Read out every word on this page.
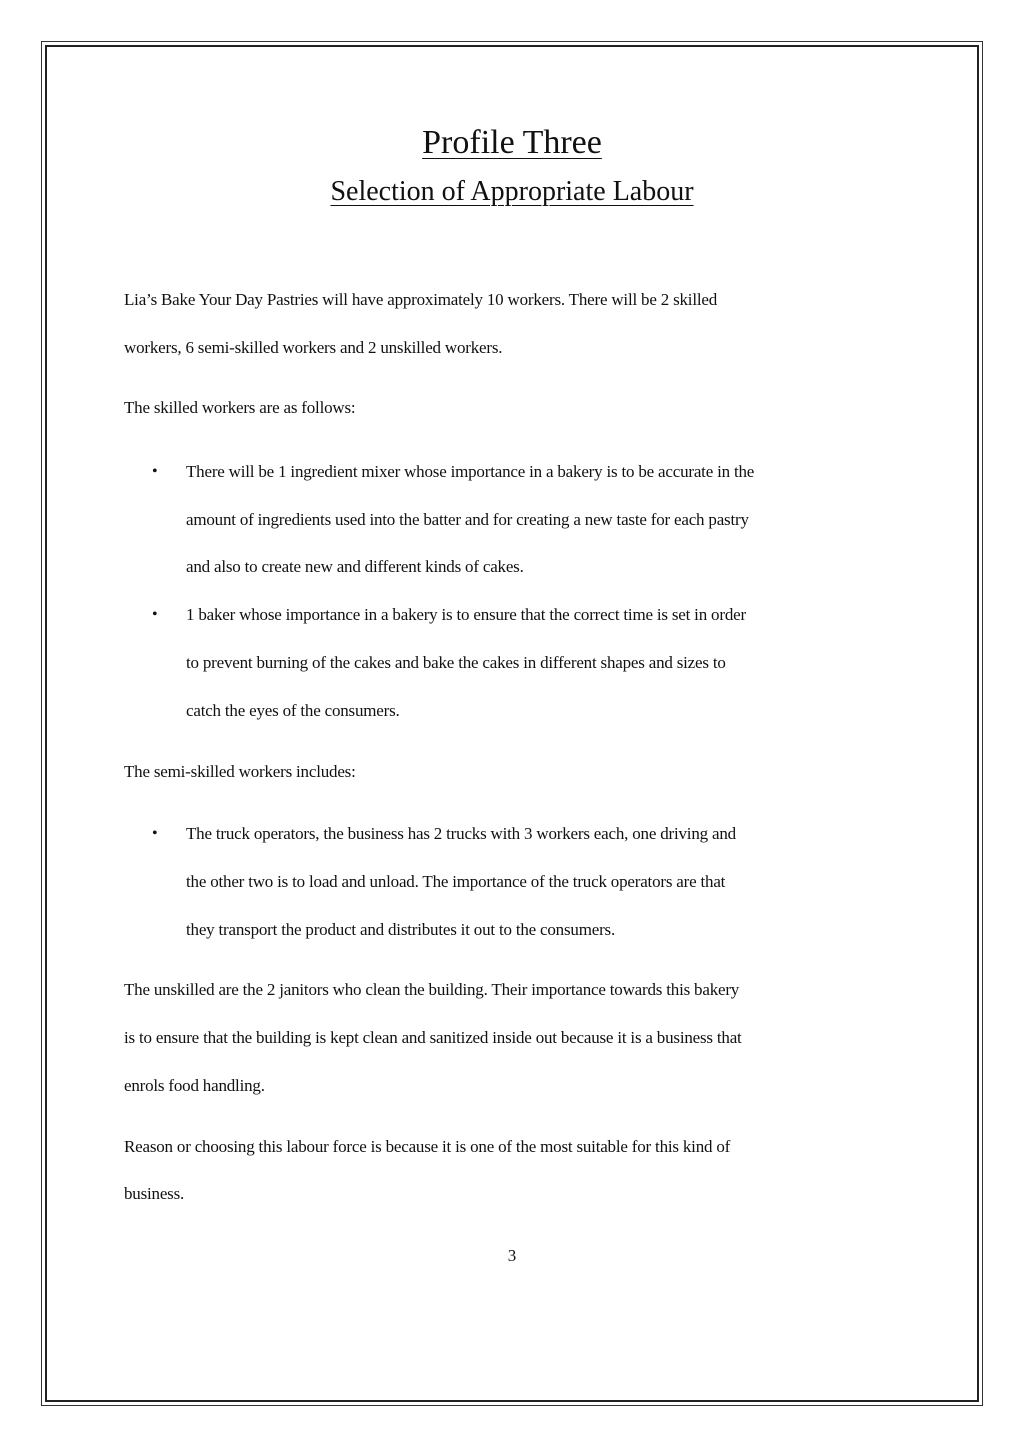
Profile Three
Selection of Appropriate Labour
Lia’s Bake Your Day Pastries will have approximately 10 workers. There will be 2 skilled
workers, 6 semi-skilled workers and 2 unskilled workers.
The skilled workers are as follows:
• There will be 1 ingredient mixer whose importance in a bakery is to be accurate in the
amount of ingredients used into the batter and for creating a new taste for each pastry
and also to create new and different kinds of cakes.
• 1 baker whose importance in a bakery is to ensure that the correct time is set in order
to prevent burning of the cakes and bake the cakes in different shapes and sizes to
catch the eyes of the consumers.
The semi-skilled workers includes:
• The truck operators, the business has 2 trucks with 3 workers each, one driving and
the other two is to load and unload. The importance of the truck operators are that
they transport the product and distributes it out to the consumers.
The unskilled are the 2 janitors who clean the building. Their importance towards this bakery
is to ensure that the building is kept clean and sanitized inside out because it is a business that
enrols food handling.
Reason or choosing this labour force is because it is one of the most suitable for this kind of
business.
3
